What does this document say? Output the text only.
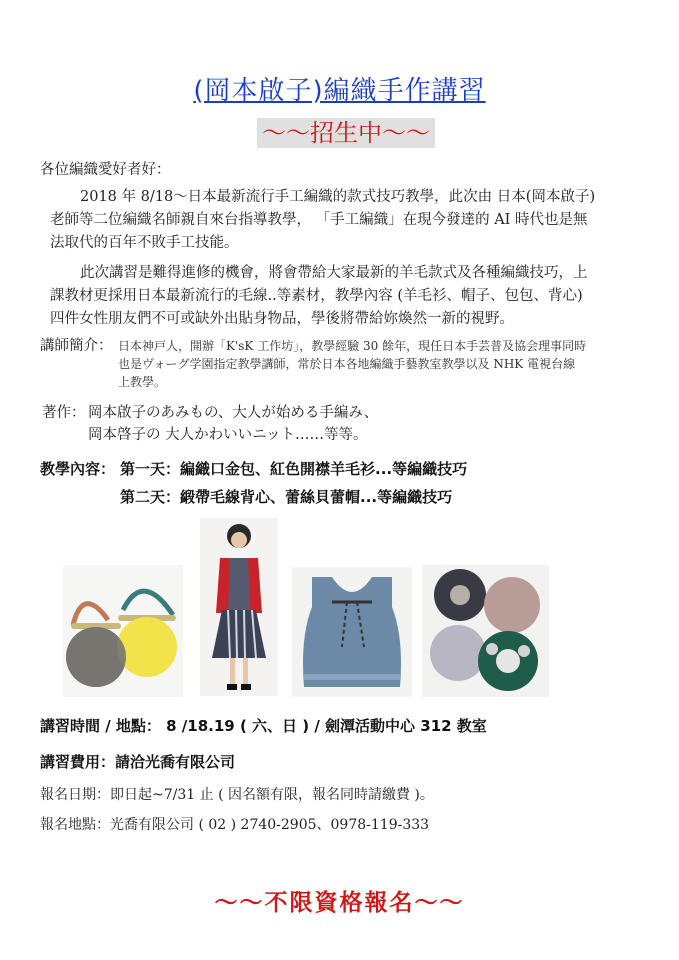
(岡本啟子)編織手作講習
～～招生中～～
各位編織愛好者好：
2018 年 8/18～日本最新流行手工編織的款式技巧教學，此次由 日本(岡本啟子)
老師等二位編織名師親自來台指導教學， 「手工編織」在現今發達的 AI 時代也是無
法取代的百年不敗手工技能。
此次講習是難得進修的機會，將會帶給大家最新的羊毛款式及各種編織技巧，上
課教材更採用日本最新流行的毛線..等素材，教學內容 (羊毛衫、帽子、包包、背心)
四件女性朋友們不可或缺外出貼身物品，學後將帶給妳煥然一新的視野。
講師簡介： 日本神戸人，開辦「K'sK 工作坊」，教學經驗 30 餘年，現任日本手芸普及協会理事同時
也是ヴォーグ学園指定教學講師，常於日本各地編織手藝教室教學以及 NHK 電視台線
上教學。
著作： 岡本啟子のあみもの、大人が始める手編み、
岡本啓子の 大人かわいいニット……等等。
教學內容： 第一天：編織口金包、紅色開襟羊毛衫...等編織技巧
第二天：緞帶毛線背心、蕾絲貝蕾帽...等編織技巧
講習時間 / 地點： 8 /18.19 ( 六、日 ) / 劍潭活動中心 312 教室
講習費用：請洽光喬有限公司
報名日期：即日起~7/31 止 ( 因名額有限，報名同時請繳費 )。
報名地點：光喬有限公司 ( 02 ) 2740-2905、0978-119-333
～～不限資格報名～～
